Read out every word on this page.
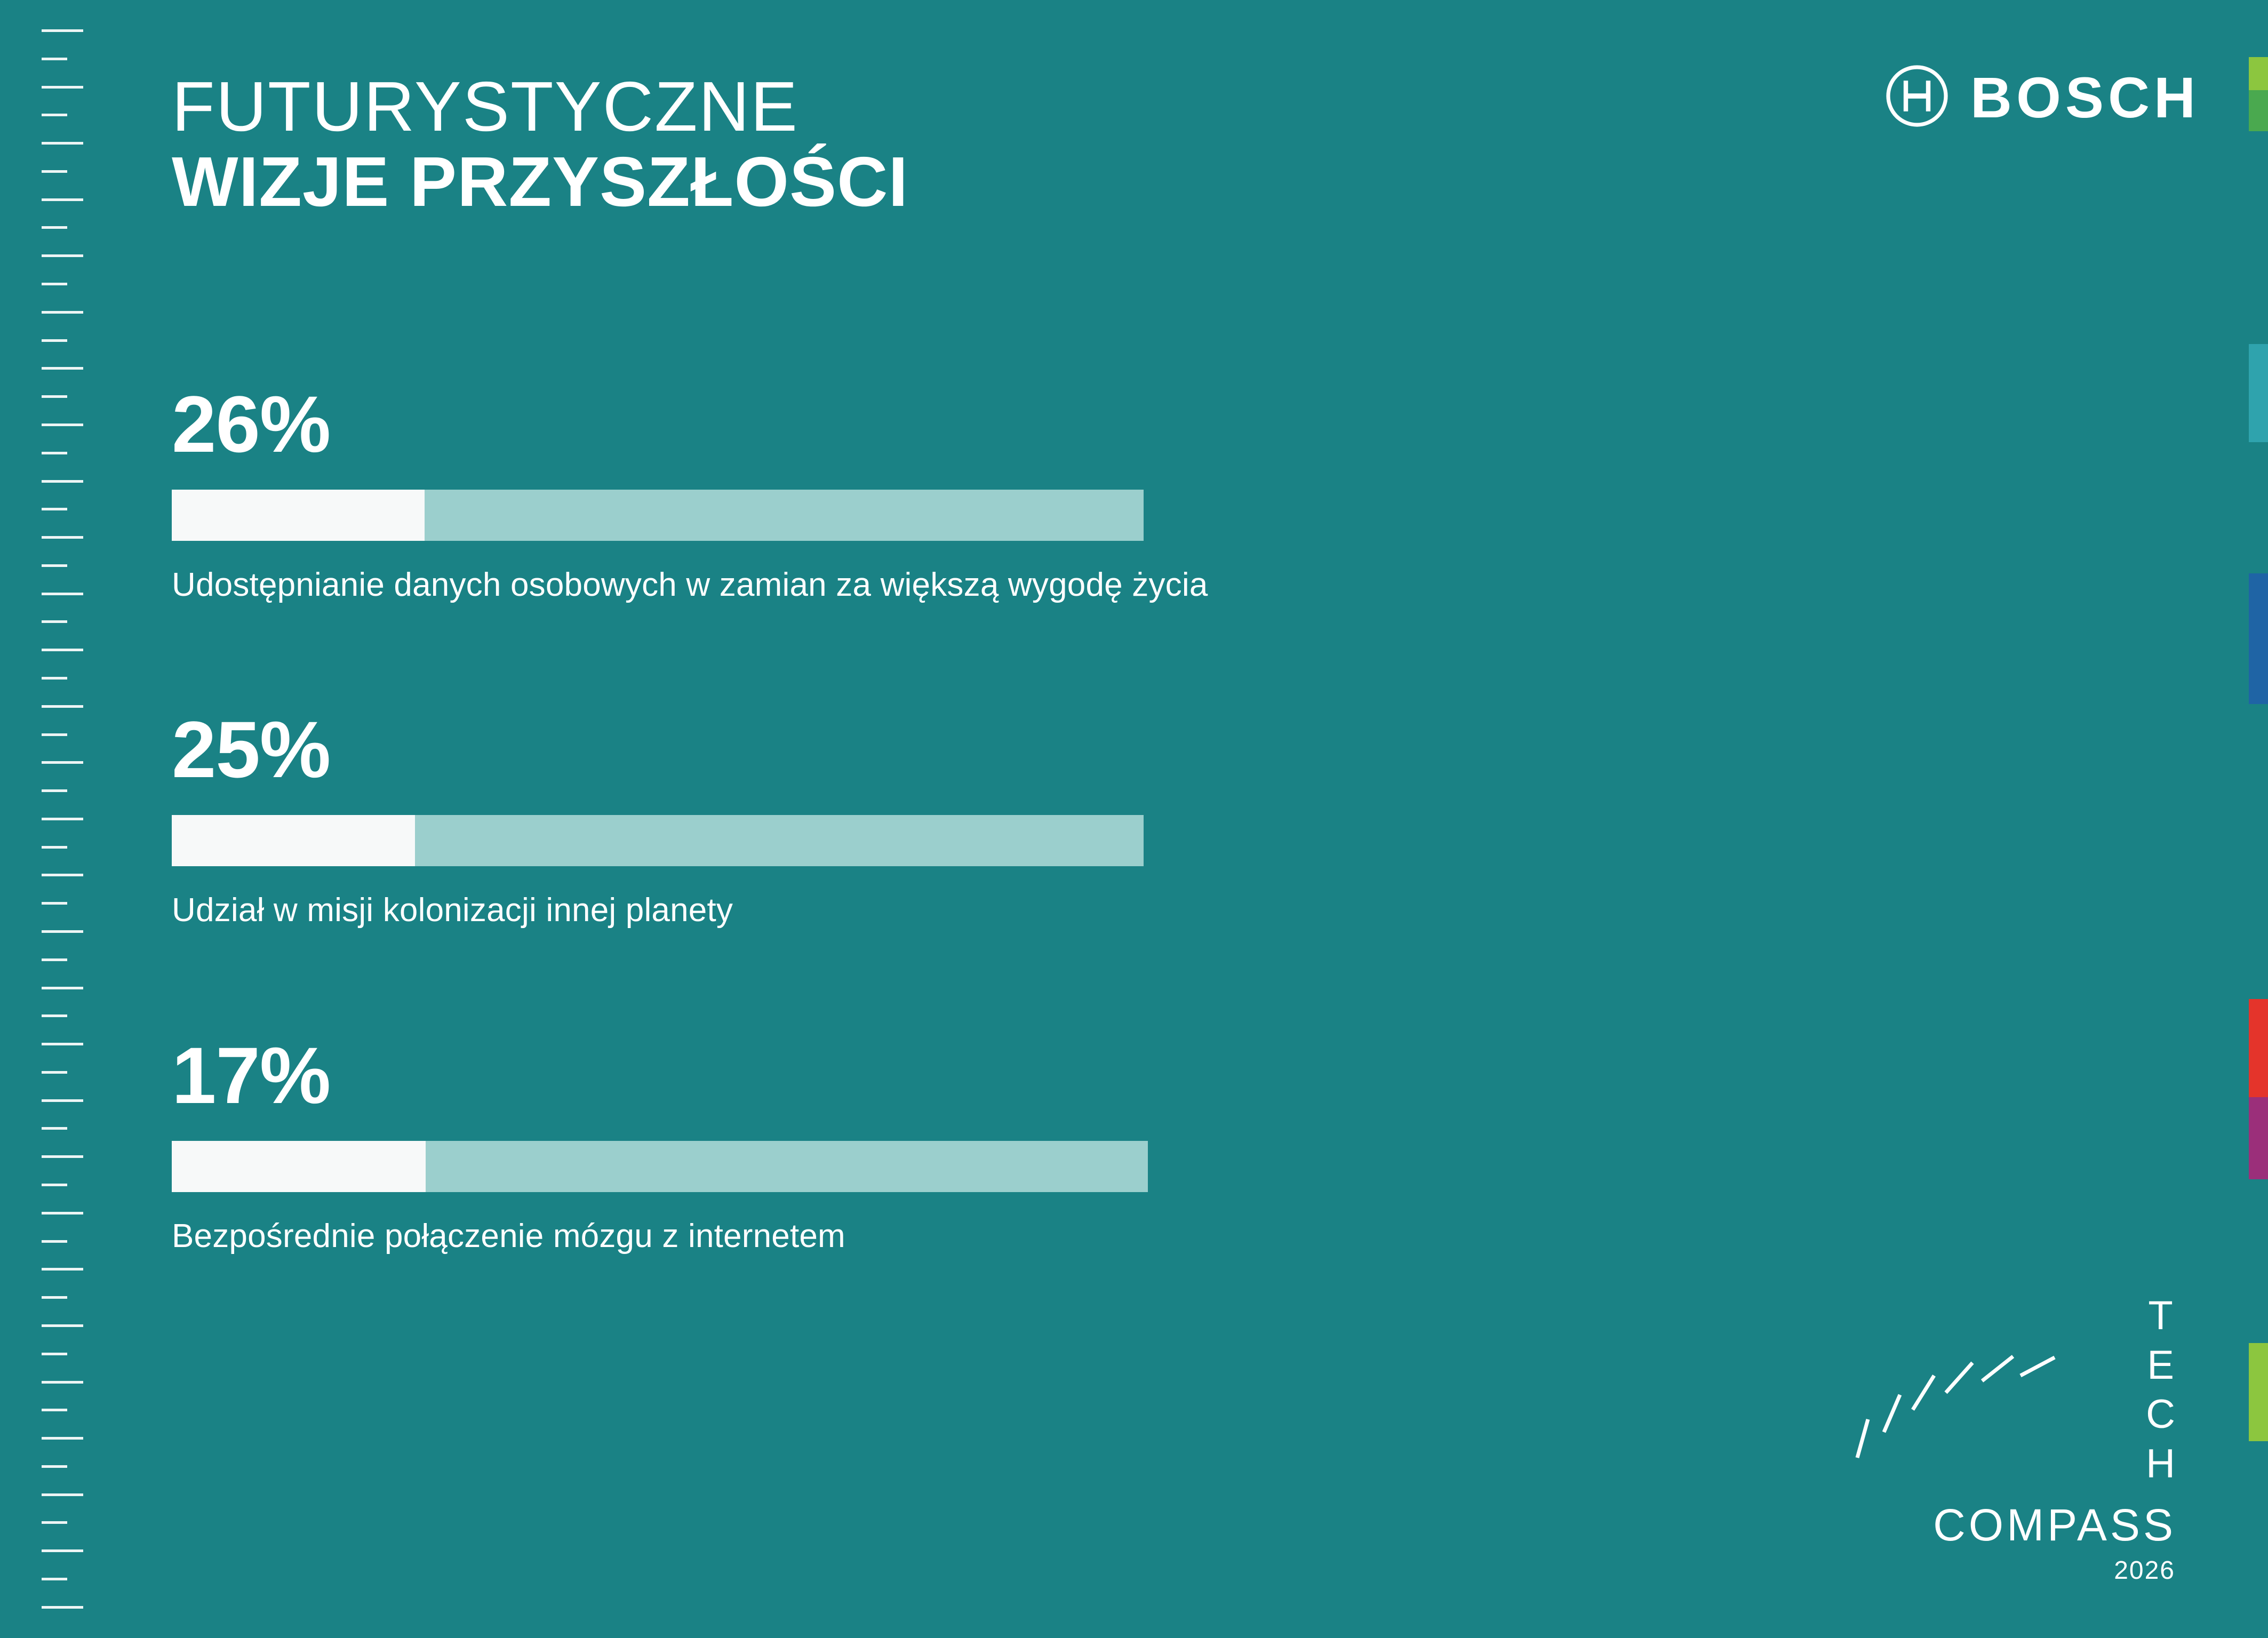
FUTURYSTYCZNE
WIZJE PRZYSZŁOŚCI
BOSCH
26%
Udostępnianie danych osobowych w zamian za większą wygodę życia
25%
Udział w misji kolonizacji innej planety
17%
Bezpośrednie połączenie mózgu z internetem
T
E
C
H
COMPASS
2026
